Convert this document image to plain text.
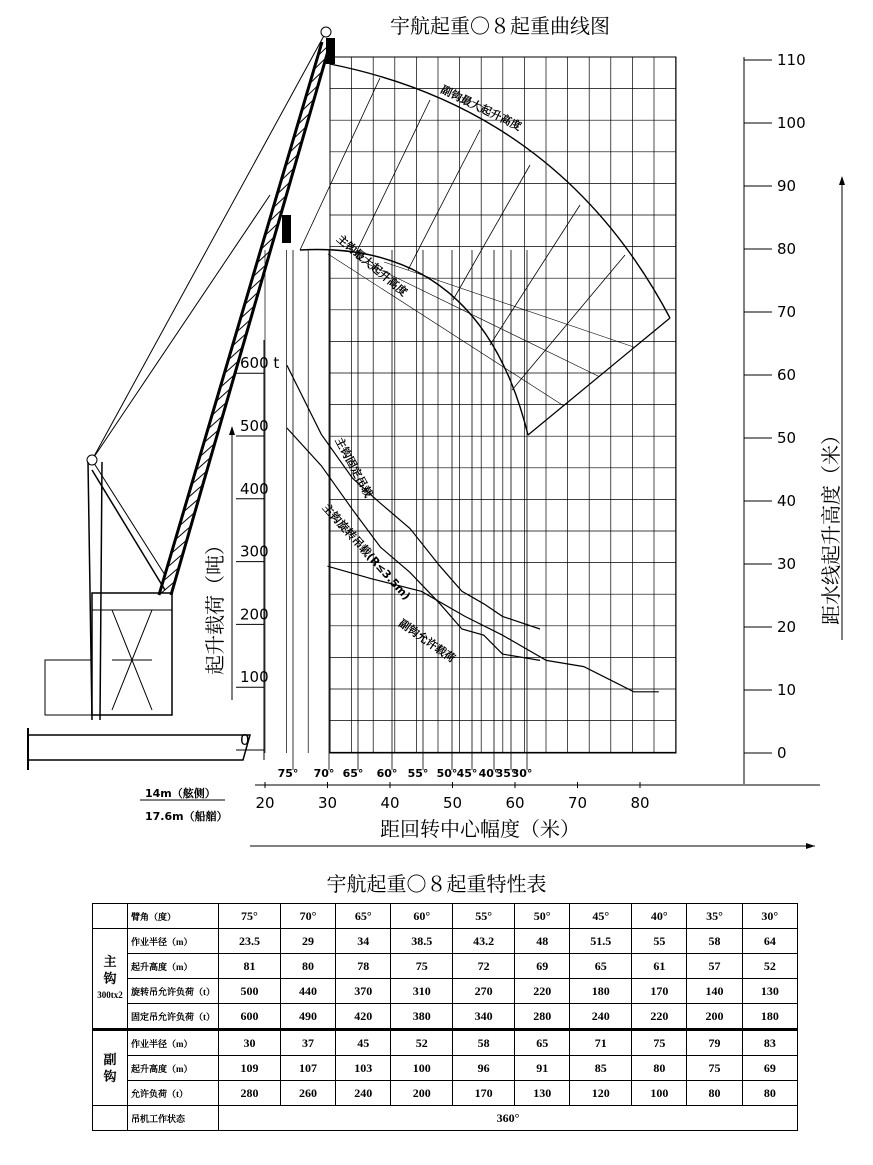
宇航起重〇８起重曲线图
20	30	40	50	60	70	80
0
10
20
30
40
50
60
70
80
90
100
110
0
100
200
300
400
500
600 t
75° 70° 65° 60° 55° 50° 45° 40°
35°
30°
副钩最大起升高度
主钩最大起升高度
主钩固定吊载
主钩旋转吊载(R≤3.5m)
副钩允许载荷
距回转中心幅度（米）
距水线起升高度（米）
起升载荷（吨）
14m（舷侧）
17.6m（船艏）
宇航起重〇８起重特性表
	臂角（度）	75°	70°	65°	60°	55°	50°	45°	40°	35°	30°

主
钩
300tx2	作业半径（m）	23.5	29	34	38.5	43.2	48	51.5	55	58	64
	起升高度（m）	81	80	78	75	72	69	65	61	57	52
	旋转吊允许负荷（t）	500	440	370	310	270	220	180	170	140	130
	固定吊允许负荷（t）	600	490	420	380	340	280	240	220	200	180

副
钩	作业半径（m）	30	37	45	52	58	65	71	75	79	83
	起升高度（m）	109	107	103	100	96	91	85	80	75	69
	允许负荷（t）	280	260	240	200	170	130	120	100	80	80
	吊机工作状态	360°									
